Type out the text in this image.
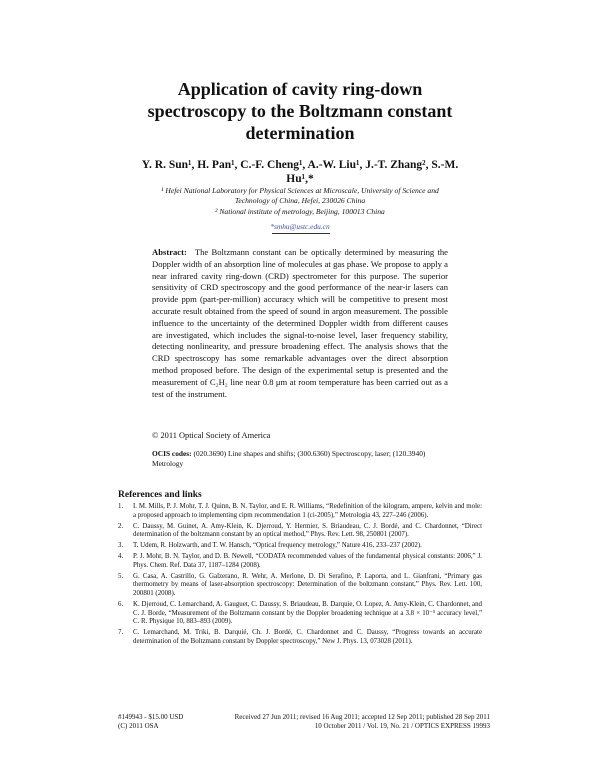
Application of cavity ring-down
spectroscopy to the Boltzmann constant
determination
Y. R. Sun¹, H. Pan¹, C.-F. Cheng¹, A.-W. Liu¹, J.-T. Zhang², S.-M.
Hu¹,*
¹ Hefei National Laboratory for Physical Sciences at Microscale, University of Science and
Technology of China, Hefei, 230026 China
² National institute of metrology, Beijing, 100013 China
*smhu@ustc.edu.cn
Abstract: The Boltzmann constant can be optically determined by measuring the Doppler width of an absorption line of molecules at gas phase. We propose to apply a near infrared cavity ring-down (CRD) spectrometer for this purpose. The superior sensitivity of CRD spectroscopy and the good performance of the near-ir lasers can provide ppm (part-per-million) accuracy which will be competitive to present most accurate result obtained from the speed of sound in argon measurement. The possible influence to the uncertainty of the determined Doppler width from different causes are investigated, which includes the signal-to-noise level, laser frequency stability, detecting nonlinearity, and pressure broadening effect. The analysis shows that the CRD spectroscopy has some remarkable advantages over the direct absorption method proposed before. The design of the experimental setup is presented and the measurement of C₂H₂ line near 0.8 μm at room temperature has been carried out as a test of the instrument.
© 2011 Optical Society of America
OCIS codes: (020.3690) Line shapes and shifts; (300.6360) Spectroscopy, laser; (120.3940) Metrology
References and links
1. I. M. Mills, P. J. Mohr, T. J. Quinn, B. N. Taylor, and E. R. Williams, “Redefinition of the kilogram, ampere, kelvin and mole: a proposed approach to implementing cipm recommendation 1 (ci-2005),” Metrologia 43, 227–246 (2006).
2. C. Daussy, M. Guinet, A. Amy-Klein, K. Djerroud, Y. Hermier, S. Briaudeau, C. J. Bordé, and C. Chardonnet, “Direct determination of the boltzmann constant by an optical method,” Phys. Rev. Lett. 98, 250801 (2007).
3. T. Udem, R. Holzwarth, and T. W. Hansch, “Optical frequency metrology,” Nature 416, 233–237 (2002).
4. P. J. Mohr, B. N. Taylor, and D. B. Newell, “CODATA recommended values of the fundamental physical constants: 2006,” J. Phys. Chem. Ref. Data 37, 1187–1284 (2008).
5. G. Casa, A. Castrillo, G. Galzerano, R. Wehr, A. Merlone, D. Di Serafino, P. Laporta, and L. Gianfrani, “Primary gas thermometry by means of laser-absorption spectroscopy: Determination of the boltzmann constant,” Phys. Rev. Lett. 100, 200801 (2008).
6. K. Djerroud, C. Lemarchand, A. Gauguet, C. Daussy, S. Briaudeau, B. Darquie, O. Lopez, A. Amy-Klein, C. Chardonnet, and C. J. Borde, “Measurement of the Boltzmann constant by the Doppler broadening technique at a 3.8 × 10⁻⁵ accuracy level,” C. R. Physique 10, 883–893 (2009).
7. C. Lemarchand, M. Triki, B. Darquié, Ch. J. Bordé, C. Chardonnet and C. Daussy, “Progress towards an accurate determination of the Boltzmann constant by Doppler spectroscopy,” New J. Phys. 13, 073028 (2011).
#149943 - $15.00 USD	Received 27 Jun 2011; revised 16 Aug 2011; accepted 12 Sep 2011; published 28 Sep 2011
(C) 2011 OSA	10 October 2011 / Vol. 19, No. 21 / OPTICS EXPRESS 19993
